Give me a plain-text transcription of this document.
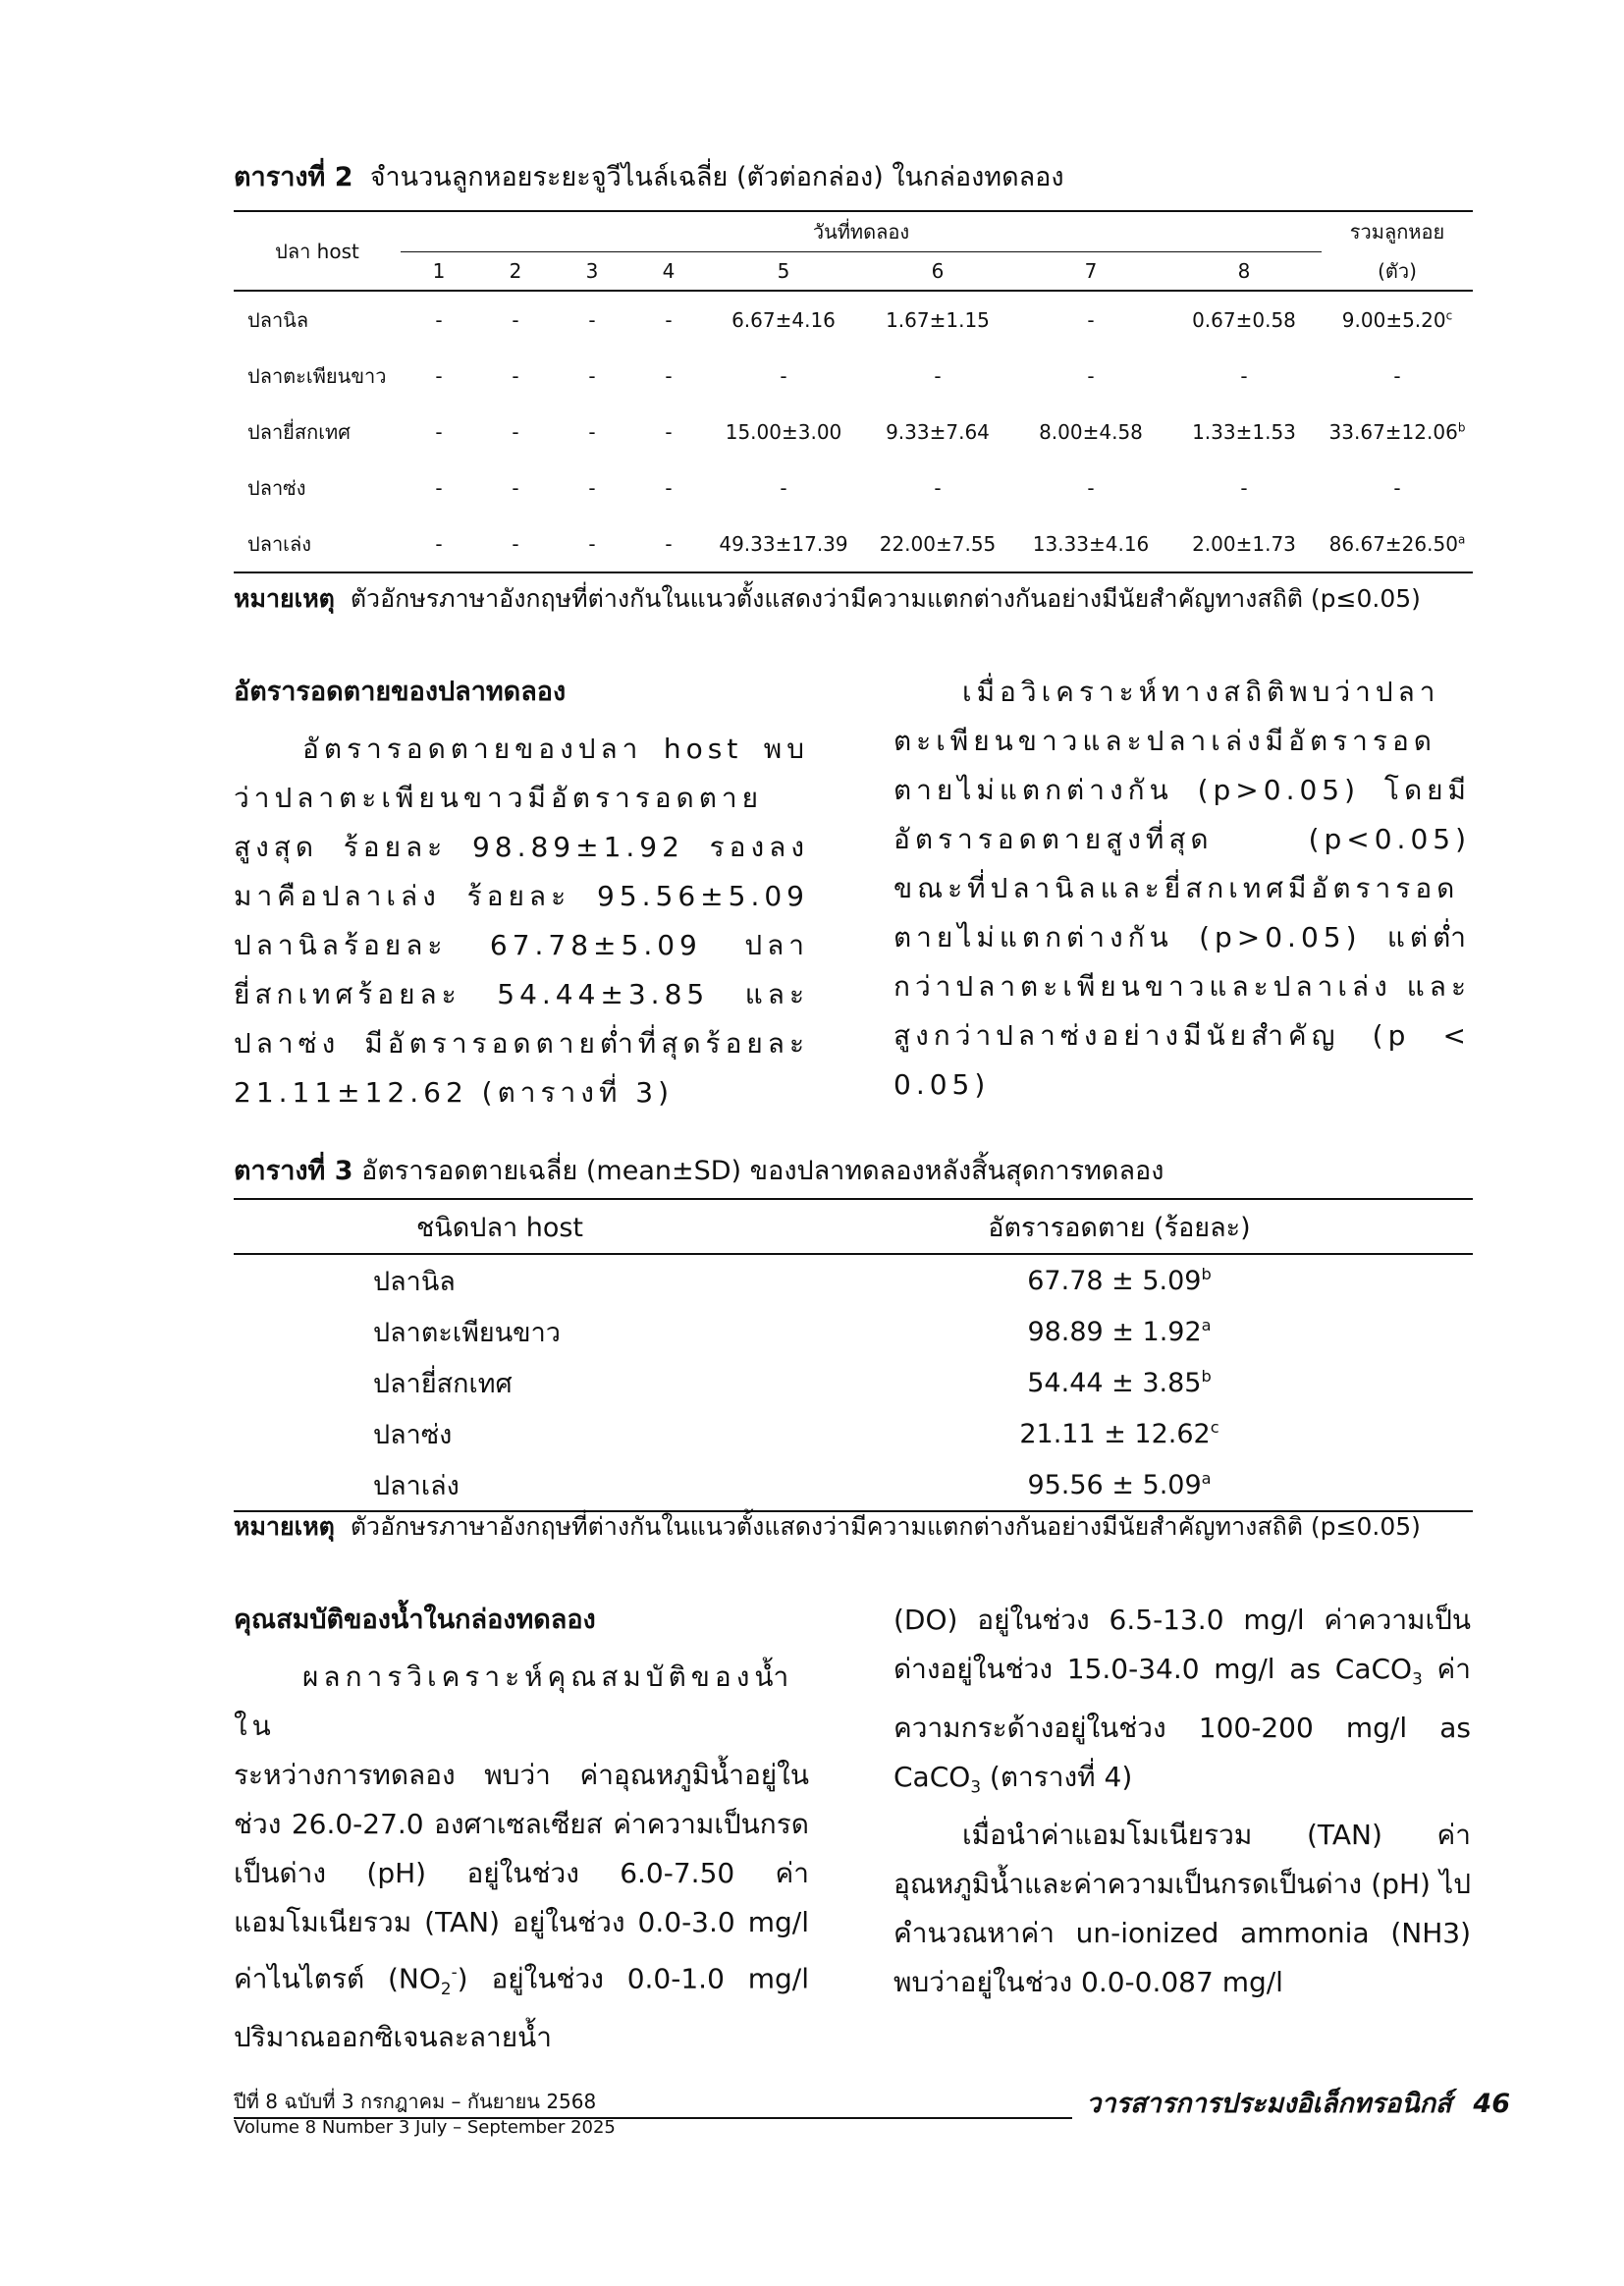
ตารางที่ 2 จำนวนลูกหอยระยะจูวีไนล์เฉลี่ย (ตัวต่อกล่อง) ในกล่องทดลอง
ปลา host	วันที่ทดลอง								รวมลูกหอย
	1	2	3	4	5	6	7	8	(ตัว)
ปลานิล	-	-	-	-	6.67±4.16	1.67±1.15	-	0.67±0.58	9.00±5.20$^c$
ปลาตะเพียนขาว	-	-	-	-	-	-	-	-	-
ปลายี่สกเทศ	-	-	-	-	15.00±3.00	9.33±7.64	8.00±4.58	1.33±1.53	33.67±12.06$^b$
ปลาซ่ง	-	-	-	-	-	-	-	-	-
ปลาเล่ง	-	-	-	-	49.33±17.39	22.00±7.55	13.33±4.16	2.00±1.73	86.67±26.50$^a$
หมายเหตุ ตัวอักษรภาษาอังกฤษที่ต่างกันในแนวตั้งแสดงว่ามีความแตกต่างกันอย่างมีนัยสำคัญทางสถิติ (p≤0.05)

อัตรารอดตายของปลาทดลอง

อัตรารอดตายของปลา host พบว่าปลาตะเพียนขาวมีอัตรารอดตายสูงสุด ร้อยละ 98.89±1.92 รองลงมาคือปลาเล่ง ร้อยละ 95.56±5.09 ปลานิลร้อยละ 67.78±5.09 ปลายี่สกเทศร้อยละ 54.44±3.85 และปลาซ่ง มีอัตรารอดตายต่ำที่สุดร้อยละ 21.11±12.62 (ตารางที่ 3)

เมื่อวิเคราะห์ทางสถิติพบว่าปลาตะเพียนขาวและปลาเล่งมีอัตรารอดตายไม่แตกต่างกัน (p>0.05) โดยมีอัตรารอดตายสูงที่สุด (p<0.05) ขณะที่ปลานิลและยี่สกเทศมีอัตรารอดตายไม่แตกต่างกัน (p>0.05) แต่ต่ำกว่าปลาตะเพียนขาวและปลาเล่ง และสูงกว่าปลาซ่งอย่างมีนัยสำคัญ (p < 0.05)

ตารางที่ 3 อัตรารอดตายเฉลี่ย (mean±SD) ของปลาทดลองหลังสิ้นสุดการทดลอง
ชนิดปลา host	อัตรารอดตาย (ร้อยละ)
ปลานิล	67.78 ± 5.09$^b$
ปลาตะเพียนขาว	98.89 ± 1.92$^a$
ปลายี่สกเทศ	54.44 ± 3.85$^b$
ปลาซ่ง	21.11 ± 12.62$^c$
ปลาเล่ง	95.56 ± 5.09$^a$
หมายเหตุ ตัวอักษรภาษาอังกฤษที่ต่างกันในแนวตั้งแสดงว่ามีความแตกต่างกันอย่างมีนัยสำคัญทางสถิติ (p≤0.05)

คุณสมบัติของน้ำในกล่องทดลอง

ผลการวิเคราะห์คุณสมบัติของน้ำใน

ระหว่างการทดลอง พบว่า ค่าอุณหภูมิน้ำอยู่ในช่วง 26.0-27.0 องศาเซลเซียส ค่าความเป็นกรดเป็นด่าง (pH) อยู่ในช่วง 6.0-7.50 ค่าแอมโมเนียรวม (TAN) อยู่ในช่วง 0.0-3.0 mg/l ค่าไนไตรต์ $(NO_2^-)$ อยู่ในช่วง 0.0-1.0 mg/l ปริมาณออกซิเจนละลายน้ำ

(DO) อยู่ในช่วง 6.5-13.0 mg/l ค่าความเป็นด่างอยู่ในช่วง 15.0-34.0 mg/l as CaCO$_3$ ค่าความกระด้างอยู่ในช่วง 100-200 mg/l as CaCO$_3$ (ตารางที่ 4)

เมื่อนำค่าแอมโมเนียรวม (TAN) ค่าอุณหภูมิน้ำและค่าความเป็นกรดเป็นด่าง (pH) ไปคำนวณหาค่า un-ionized ammonia (NH3) พบว่าอยู่ในช่วง 0.0-0.087 mg/l

ปีที่ 8 ฉบับที่ 3 กรกฎาคม – กันยายน 2568
Volume 8 Number 3 July – September 2025
วารสารการประมงอิเล็กทรอนิกส์ 46
